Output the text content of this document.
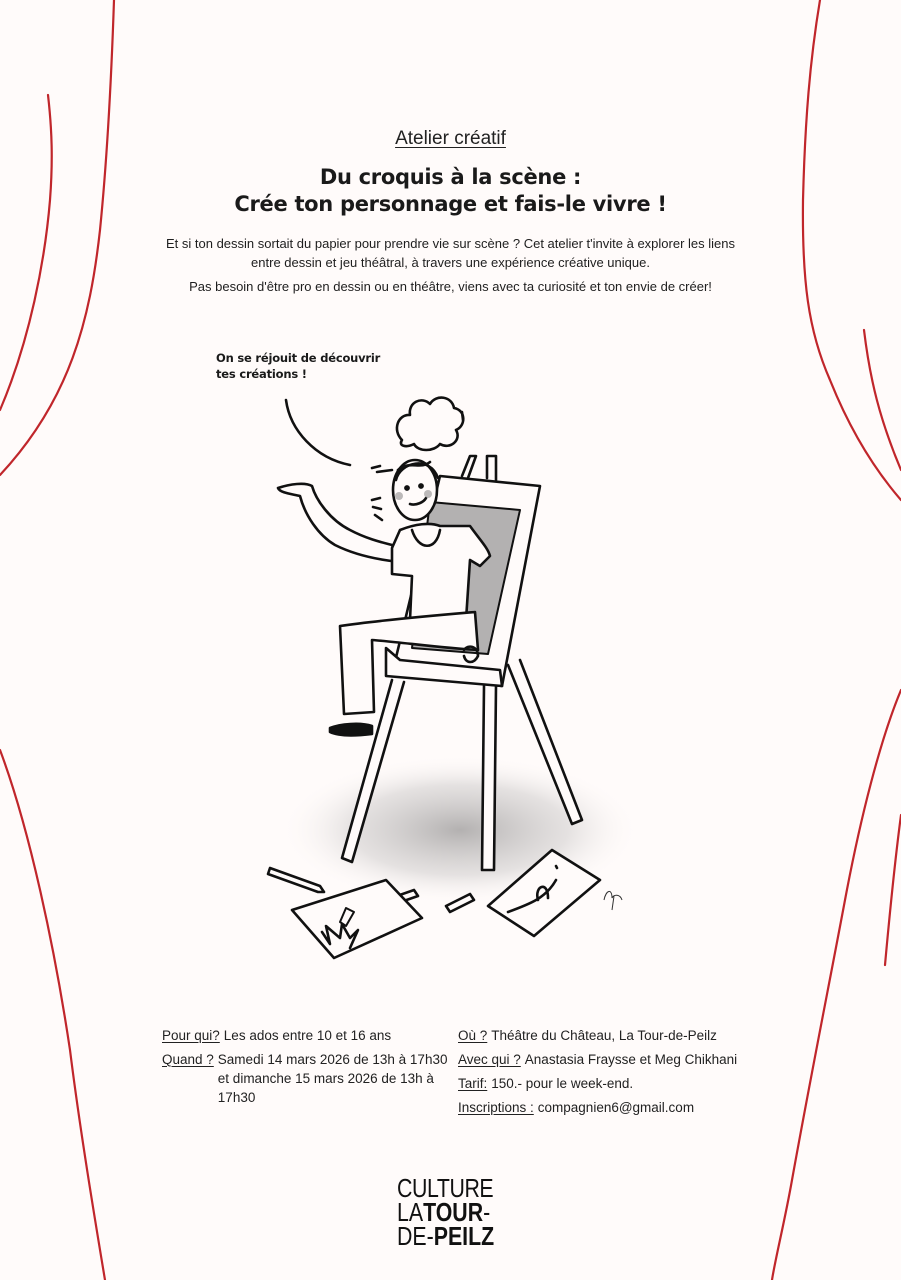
Atelier créatif
Du croquis à la scène :
Crée ton personnage et fais-le vivre !

Et si ton dessin sortait du papier pour prendre vie sur scène ? Cet atelier t'invite à explorer les liens entre dessin et jeu théâtral, à travers une expérience créative unique.

Pas besoin d'être pro en dessin ou en théâtre, viens avec ta curiosité et ton envie de créer!

On se réjouit de découvrir
tes créations !
Pour qui? Les ados entre 10 et 16 ans
Quand ? Samedi 14 mars 2026 de 13h à 17h30 et dimanche 15 mars 2026 de 13h à 17h30
Où ? Théâtre du Château, La Tour-de-Peilz
Avec qui ? Anastasia Fraysse et Meg Chikhani
Tarif: 150.- pour le week-end.
Inscriptions : compagnien6@gmail.com
CULTURE
LATOUR-
DE-PEILZ
